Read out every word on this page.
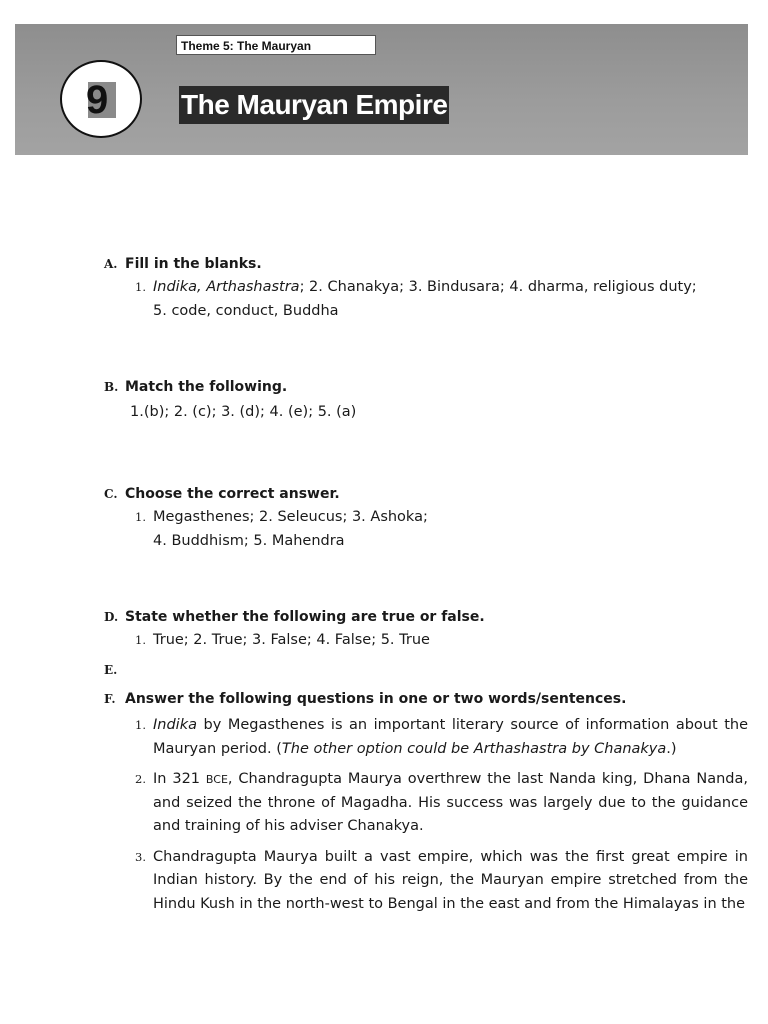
Theme 5: The Mauryan
9	The Mauryan Empire
A. Fill in the blanks.
1. Indika, Arthashastra; 2. Chanakya; 3. Bindusara; 4. dharma, religious duty;
5. code, conduct, Buddha
B. Match the following.
1.(b); 2. (c); 3. (d); 4. (e); 5. (a)
C. Choose the correct answer.
1. Megasthenes; 2. Seleucus; 3. Ashoka;
4. Buddhism; 5. Mahendra
D. State whether the following are true or false.
1. True; 2. True; 3. False; 4. False; 5. True
E.
F. Answer the following questions in one or two words/sentences.
1. Indika by Megasthenes is an important literary source of information about the Mauryan period. (The other option could be Arthashastra by Chanakya.)
2. In 321 BCE, Chandragupta Maurya overthrew the last Nanda king, Dhana Nanda, and seized the throne of Magadha. His success was largely due to the guidance and training of his adviser Chanakya.
3. Chandragupta Maurya built a vast empire, which was the first great empire in Indian history. By the end of his reign, the Mauryan empire stretched from the Hindu Kush in the north-west to Bengal in the east and from the Himalayas in the
